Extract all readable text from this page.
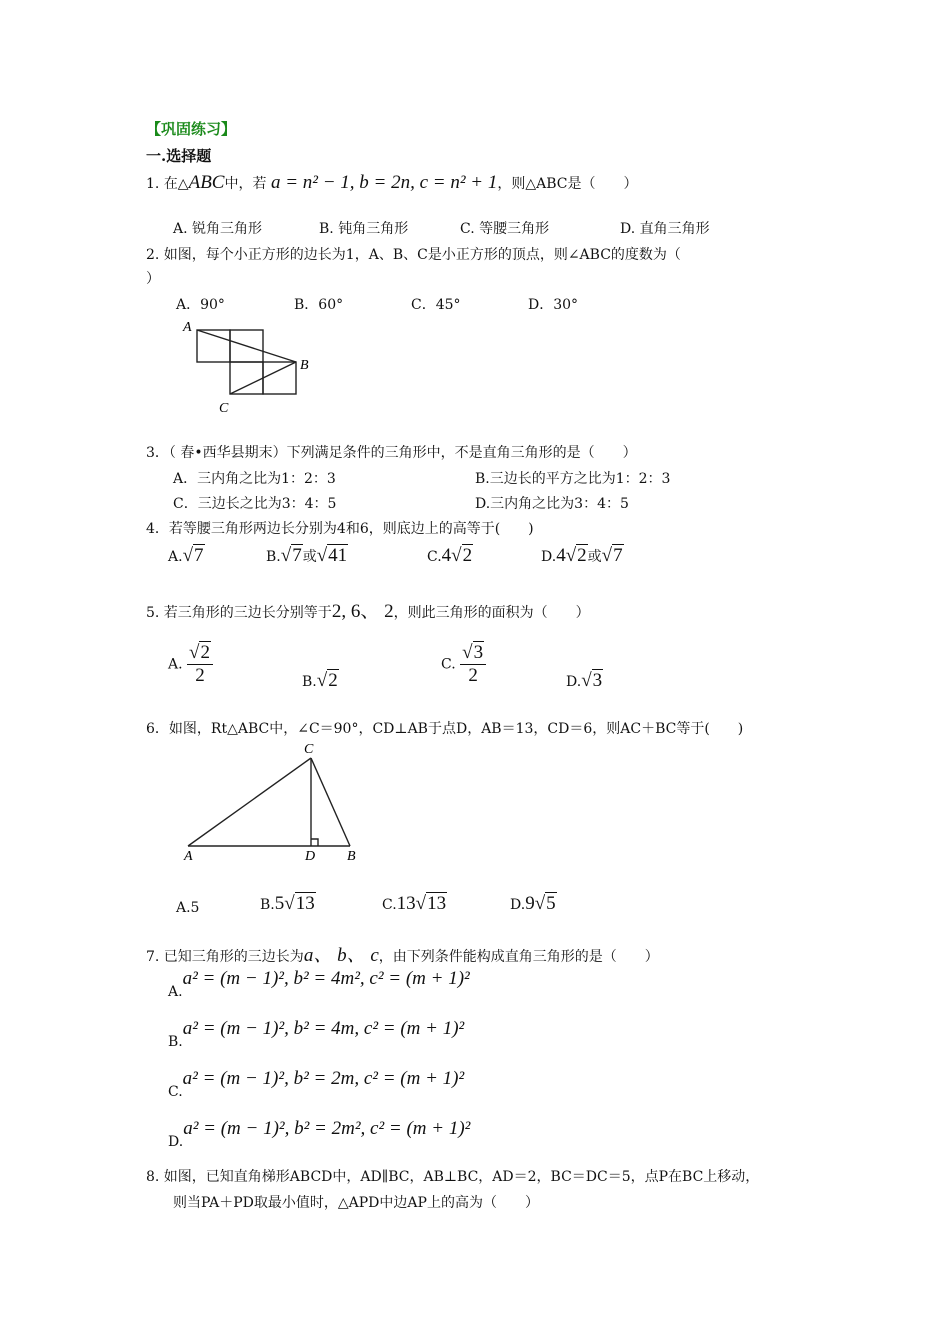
【巩固练习】
一.选择题
1. 在△ABC中，若 a = n² − 1, b = 2n, c = n² + 1，则△ABC是（　　）
A. 锐角三角形	B. 钝角三角形	C. 等腰三角形	D. 直角三角形
2. 如图，每个小正方形的边长为1，A、B、C是小正方形的顶点，则∠ABC的度数为（
）
A．90°	B．60°	C．45°	D．30°
A
B
C
3．（ 春•西华县期末）下列满足条件的三角形中，不是直角三角形的是（　　）
A．三内角之比为1：2：3	B.三边长的平方之比为1：2：3
C．三边长之比为3：4：5	D.三内角之比为3：4：5
4．若等腰三角形两边长分别为4和6，则底边上的高等于(　　)
A.√7	B.√7或√41	C.4√2	D.4√2或√7
5. 若三角形的三边长分别等于2, 6、 2，则此三角形的面积为（　　）
A. $\frac{√2}{2}$	B.√2
C. $\frac{√3}{2}$	D.√3
6．如图，Rt△ABC中，∠C＝90°，CD⊥AB于点D，AB＝13，CD＝6，则AC＋BC等于(　　)
C
A	D B
A.5	B.5√13	C.13√13	D.9√5
7. 已知三角形的三边长为a、 b、 c，由下列条件能构成直角三角形的是（　　）
A.a² = (m − 1)², b² = 4m², c² = (m + 1)²
B.a² = (m − 1)², b² = 4m, c² = (m + 1)²
C.a² = (m − 1)², b² = 2m, c² = (m + 1)²
D.a² = (m − 1)², b² = 2m², c² = (m + 1)²
8. 如图，已知直角梯形ABCD中，AD∥BC，AB⊥BC，AD＝2，BC＝DC＝5，点P在BC上移动，
则当PA＋PD取最小值时，△APD中边AP上的高为（　　）
